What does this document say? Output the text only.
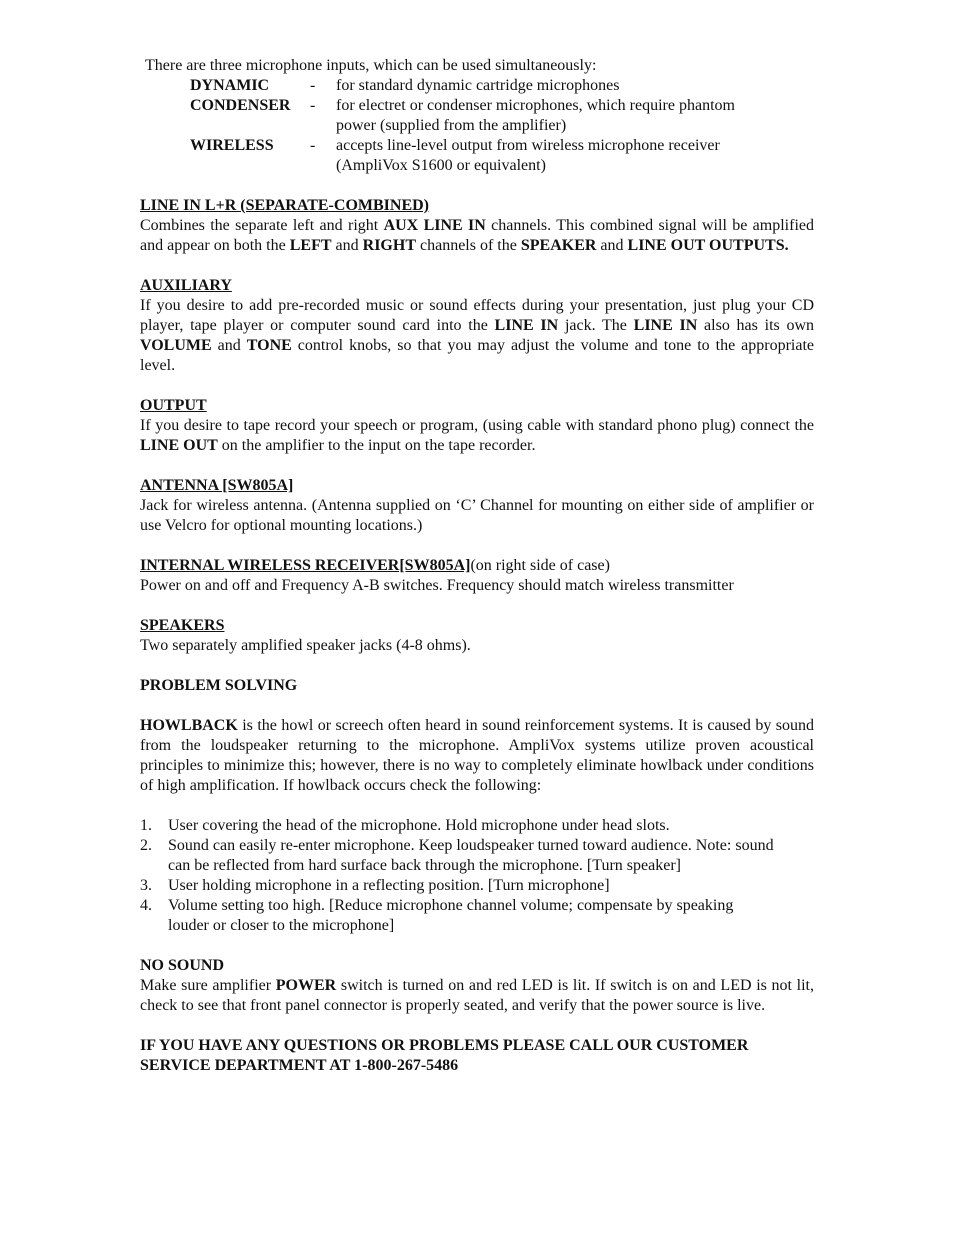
There are three microphone inputs, which can be used simultaneously:

DYNAMIC	-	for standard dynamic cartridge microphones
CONDENSER	-	for electret or condenser microphones, which require phantom power (supplied from the amplifier)
WIRELESS	-	accepts line-level output from wireless microphone receiver (AmpliVox S1600 or equivalent)

LINE IN L+R (SEPARATE-COMBINED)

Combines the separate left and right AUX LINE IN channels. This combined signal will be amplified and appear on both the LEFT and RIGHT channels of the SPEAKER and LINE OUT OUTPUTS.

AUXILIARY

If you desire to add pre-recorded music or sound effects during your presentation, just plug your CD player, tape player or computer sound card into the LINE IN jack. The LINE IN also has its own VOLUME and TONE control knobs, so that you may adjust the volume and tone to the appropriate level.

OUTPUT

If you desire to tape record your speech or program, (using cable with standard phono plug) connect the LINE OUT on the amplifier to the input on the tape recorder.

ANTENNA [SW805A]

Jack for wireless antenna. (Antenna supplied on ‘C’ Channel for mounting on either side of amplifier or use Velcro for optional mounting locations.)

INTERNAL WIRELESS RECEIVER[SW805A](on right side of case)

Power on and off and Frequency A-B switches. Frequency should match wireless transmitter

SPEAKERS

Two separately amplified speaker jacks (4-8 ohms).

PROBLEM SOLVING

HOWLBACK is the howl or screech often heard in sound reinforcement systems. It is caused by sound from the loudspeaker returning to the microphone. AmpliVox systems utilize proven acoustical principles to minimize this; however, there is no way to completely eliminate howlback under conditions of high amplification. If howlback occurs check the following:

1.	User covering the head of the microphone. Hold microphone under head slots.
2.	Sound can easily re-enter microphone. Keep loudspeaker turned toward audience. Note: sound can be reflected from hard surface back through the microphone. [Turn speaker]
3.	User holding microphone in a reflecting position. [Turn microphone]
4.	Volume setting too high. [Reduce microphone channel volume; compensate by speaking louder or closer to the microphone]

NO SOUND

Make sure amplifier POWER switch is turned on and red LED is lit. If switch is on and LED is not lit, check to see that front panel connector is properly seated, and verify that the power source is live.

IF YOU HAVE ANY QUESTIONS OR PROBLEMS PLEASE CALL OUR CUSTOMER

SERVICE DEPARTMENT AT 1-800-267-5486
